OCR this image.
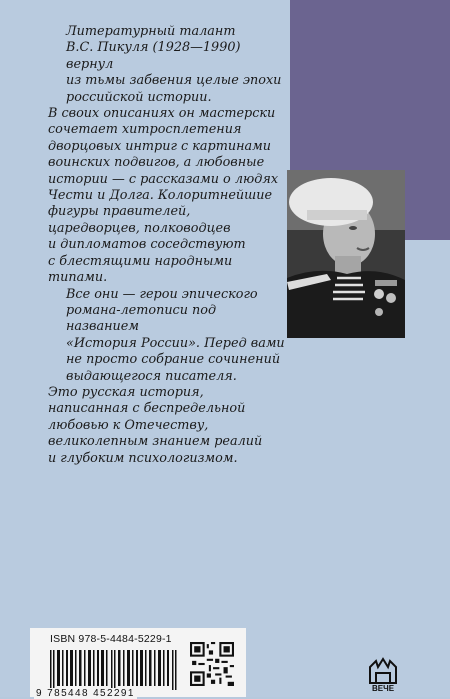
Литературный талант
В.С. Пикуля (1928—1990) вернул
из тьмы забвения целые эпохи
российской истории.

В своих описаниях он мастерски
сочетает хитросплетения
дворцовых интриг с картинами
воинских подвигов, а любовные
истории — с рассказами о людях
Чести и Долга. Колоритнейшие
фигуры правителей,
царедворцев, полководцев
и дипломатов соседствуют
с блестящими народными
типами.

Все они — герои эпического
романа-летописи под названием
«История России». Перед вами
не просто собрание сочинений
выдающегося писателя.

Это русская история,
написанная с беспредельной
любовью к Отечеству,
великолепным знанием реалий
и глубоким психологизмом.

ISBN 978-5-4484-5229-1
9 785448 452291	ВЕЧЕ
